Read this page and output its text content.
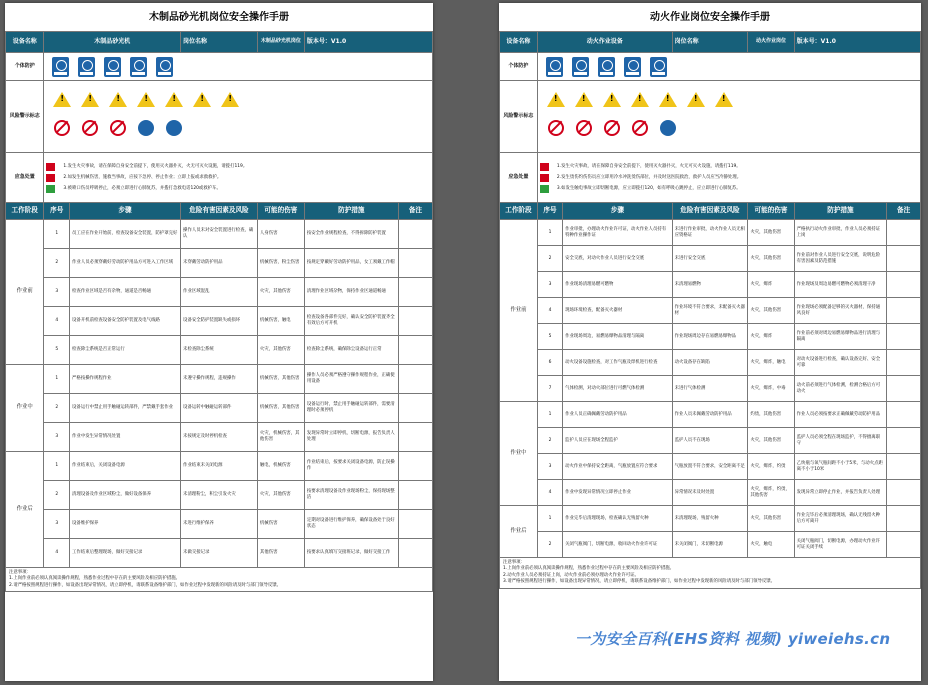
木制品砂光机岗位安全操作手册
设备名称	木制品砂光机		岗位名称	木制品砂光机岗位	版本号：V1.0	
个体防护						

风险警示标志	
!
!
!
!
!
!
!

应急处置	1.发生火灾事故，请在保障自身安全前提下，使用灭火器扑灭，火无可灭火设施，请拨打119。
2.如发生机械伤害，施救当事故，应按下急停、停止作业；立即上报或求救救护。
3.被喷口伤员呼吸停止，必须立即进行心肺复苏，并拨打急救电话120或救护车。					

工作阶段	序号	步骤	危险有害因素及风险	可能的伤害	防护措施	备注
作业前	1	员工应在作业开始前，检查设备安全装置，防护罩完好	操作人员未对安全装置进行检查，确认	人身伤害	按安全作业规程检查，不得拆除防护装置	
	2	作业人员必须穿戴好劳动防护用品方可进入工作区域	未穿戴劳动防护用品	机械伤害，粉尘伤害	按规定穿戴好劳动防护用品，女工须戴工作帽	
	3	检查作业区域是否有杂物，通道是否畅通	作业区域混乱	火灾，其他伤害	清理作业区域杂物，保持作业区通道畅通	
	4	设备开机前检查设备安全防护装置及电气线路	设备安全防护装置缺失或损坏	机械伤害，触电	检查设备各部件完好，确认安全防护装置齐全有效后方可开机	
	5	检查除尘系统是否正常运行	未检查除尘系统	火灾，其他伤害	检查除尘系统，确保除尘设备运行正常	
作业中	1	严格按操作规程作业	未遵守操作规程，违规操作	机械伤害，其他伤害	操作人员必须严格遵守操作规程作业，正确使用设备	
	2	设备运行中禁止用手触碰运转部件，严禁戴手套作业	设备运转中触碰运转部件	机械伤害，其他伤害	设备运行时，禁止用手触碰运转部件，需要清理时必须停机	
	3	作业中发生异常情况处置	未按规定及时停机检查	火灾，机械伤害，其他伤害	发现异常时立即停机，切断电源，报告负责人处理	
作业后	1	作业结束后，关闭设备电源	作业结束未关闭电源	触电，机械伤害	作业结束后，按要求关闭设备电源，防止误操作	
	2	清理设备及作业区域粉尘，做好设备保养	未清理粉尘，积尘引发火灾	火灾，其他伤害	按要求清理设备及作业现场粉尘，保持现场整洁	
	3	设备维护保养	未进行维护保养	机械伤害	定期对设备进行维护保养，确保设备处于良好状态	
	4	工作结束后整理现场，做好交接记录	未做交接记录	其他伤害	按要求认真填写交接班记录，做好交接工作	
注意事项：
1.上岗作业前必须认真阅读操作规程，熟悉作业过程中存在的主要风险及相应防护措施。
2.请严格按照规程进行操作，如设备出现异常情况，请立即停机，请联系设备维护部门，如作业过程中发现新的风险请及时与部门领导反馈。
动火作业岗位安全操作手册
设备名称	动火作业设备		岗位名称	动火作业岗位	版本号：V1.0	
个体防护						

风险警示标志	
!
!
!
!
!
!
!

应急处置	1.发生火灾事故，请在保障自身安全前提下，使用灭火器扑灭，火无可灭火设施，请拨打119。
2.发生烫伤灼伤伤员应立即用冷水冲洗烫伤部位，并及时送医院救治，救护人员应当冷静处理。
3.如发生触电事故立即切断电源，应立即拨打120，如有呼吸心跳停止，应立即进行心肺复苏。					

工作阶段	序号	步骤	危险有害因素及风险	可能的伤害	防护措施	备注
作业前	1	作业审批，办理动火作业许可证，动火作业人员持有特种作业操作证	未进行作业审批，动火作业人员无相应资格证	火灾，其他伤害	严格执行动火作业审批，作业人员必须持证上岗	
	2	安全交底，对动火作业人员进行安全交底	未进行安全交底	火灾，其他伤害	作业前对作业人员进行安全交底，说明危险有害因素及防范措施	
	3	作业现场清理易燃可燃物	未清理易燃物	火灾，爆炸	作业现场及周边易燃可燃物必须清理干净	
	4	现场环境检查，配备灭火器材	作业环境不符合要求，未配备灭火器材	火灾，其他伤害	作业现场必须配备足够的灭火器材，保持通风良好	
	5	作业现场周边，易燃易爆物品清理与隔离	作业现场周边存在易燃易爆物品	火灾，爆炸	作业前必须对周边易燃易爆物品进行清理与隔离	
	6	动火设备设施检查，对工作气瓶及焊机进行检查	动火设备存在缺陷	火灾，爆炸，触电	对动火设备进行检查，确认设备完好、安全可靠	
	7	气体检测，对动火部位进行可燃气体检测	未进行气体检测	火灾，爆炸，中毒	动火前必须进行气体检测，检测合格后方可动火	
作业中	1	作业人员正确佩戴劳动防护用品	作业人员未佩戴劳动防护用品	灼烫，其他伤害	作业人员必须按要求正确佩戴劳动防护用品	
	2	监护人员应在现场全程监护	监护人员不在现场	火灾，其他伤害	监护人员必须全程在现场监护，不得擅离职守	
	3	动火作业中保持安全距离，气瓶放置应符合要求	气瓶放置不符合要求，安全距离不足	火灾，爆炸，灼烫	乙炔瓶与氧气瓶间距不小于5米，与动火点距离不小于10米	
	4	作业中发现异常情况立即停止作业	异常情况未及时处置	火灾，爆炸，灼烫，其他伤害	发现异常立即停止作业，并报告负责人处理	
作业后	1	作业完毕后清理现场，检查确认无残留火种	未清理现场，残留火种	火灾，其他伤害	作业完毕后必须清理现场，确认无残留火种后方可离开	
	2	关闭气瓶阀门，切断电源，收回动火作业许可证	未关闭阀门，未切断电源	火灾，触电	关闭气瓶阀门，切断电源，办理动火作业许可证关闭手续	
注意事项：
1.上岗作业前必须认真阅读操作规程，熟悉作业过程中存在的主要风险及相应防护措施。
2.动火作业人员必须持证上岗，动火作业前必须办理动火作业许可证。
3.请严格按照规程进行操作，如设备出现异常情况，请立即停机，请联系设备维护部门，如作业过程中发现新的风险请及时与部门领导反馈。
一为安全百科(EHS资料 视频) yiweiehs.cn
